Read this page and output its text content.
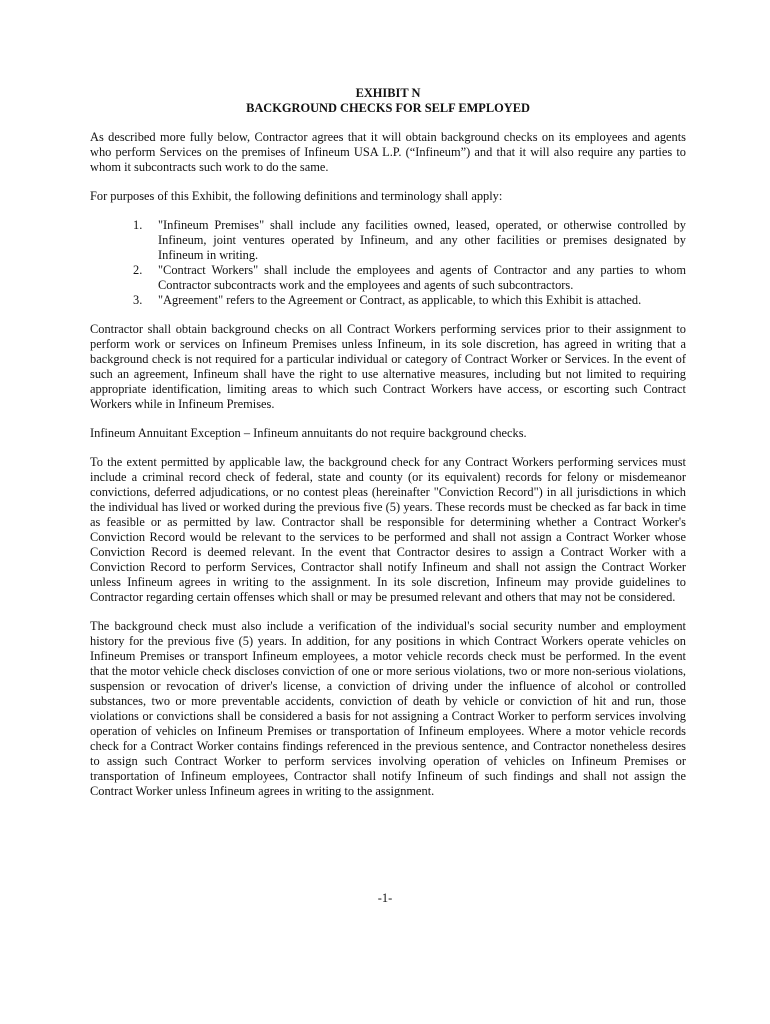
EXHIBIT N

BACKGROUND CHECKS FOR SELF EMPLOYED

As described more fully below, Contractor agrees that it will obtain background checks on its employees and agents who perform Services on the premises of Infineum USA L.P. (“Infineum”) and that it will also require any parties to whom it subcontracts such work to do the same.

For purposes of this Exhibit, the following definitions and terminology shall apply:

1. "Infineum Premises" shall include any facilities owned, leased, operated, or otherwise controlled by Infineum, joint ventures operated by Infineum, and any other facilities or premises designated by Infineum in writing.
2. "Contract Workers" shall include the employees and agents of Contractor and any parties to whom Contractor subcontracts work and the employees and agents of such subcontractors.
3. "Agreement" refers to the Agreement or Contract, as applicable, to which this Exhibit is attached.

Contractor shall obtain background checks on all Contract Workers performing services prior to their assignment to perform work or services on Infineum Premises unless Infineum, in its sole discretion, has agreed in writing that a background check is not required for a particular individual or category of Contract Worker or Services. In the event of such an agreement, Infineum shall have the right to use alternative measures, including but not limited to requiring appropriate identification, limiting areas to which such Contract Workers have access, or escorting such Contract Workers while in Infineum Premises.

Infineum Annuitant Exception – Infineum annuitants do not require background checks.

To the extent permitted by applicable law, the background check for any Contract Workers performing services must include a criminal record check of federal, state and county (or its equivalent) records for felony or misdemeanor convictions, deferred adjudications, or no contest pleas (hereinafter "Conviction Record") in all jurisdictions in which the individual has lived or worked during the previous five (5) years. These records must be checked as far back in time as feasible or as permitted by law. Contractor shall be responsible for determining whether a Contract Worker's Conviction Record would be relevant to the services to be performed and shall not assign a Contract Worker whose Conviction Record is deemed relevant. In the event that Contractor desires to assign a Contract Worker with a Conviction Record to perform Services, Contractor shall notify Infineum and shall not assign the Contract Worker unless Infineum agrees in writing to the assignment. In its sole discretion, Infineum may provide guidelines to Contractor regarding certain offenses which shall or may be presumed relevant and others that may not be considered.

The background check must also include a verification of the individual's social security number and employment history for the previous five (5) years. In addition, for any positions in which Contract Workers operate vehicles on Infineum Premises or transport Infineum employees, a motor vehicle records check must be performed. In the event that the motor vehicle check discloses conviction of one or more serious violations, two or more non-serious violations, suspension or revocation of driver's license, a conviction of driving under the influence of alcohol or controlled substances, two or more preventable accidents, conviction of death by vehicle or conviction of hit and run, those violations or convictions shall be considered a basis for not assigning a Contract Worker to perform services involving operation of vehicles on Infineum Premises or transportation of Infineum employees. Where a motor vehicle records check for a Contract Worker contains findings referenced in the previous sentence, and Contractor nonetheless desires to assign such Contract Worker to perform services involving operation of vehicles on Infineum Premises or transportation of Infineum employees, Contractor shall notify Infineum of such findings and shall not assign the Contract Worker unless Infineum agrees in writing to the assignment.

-1-
